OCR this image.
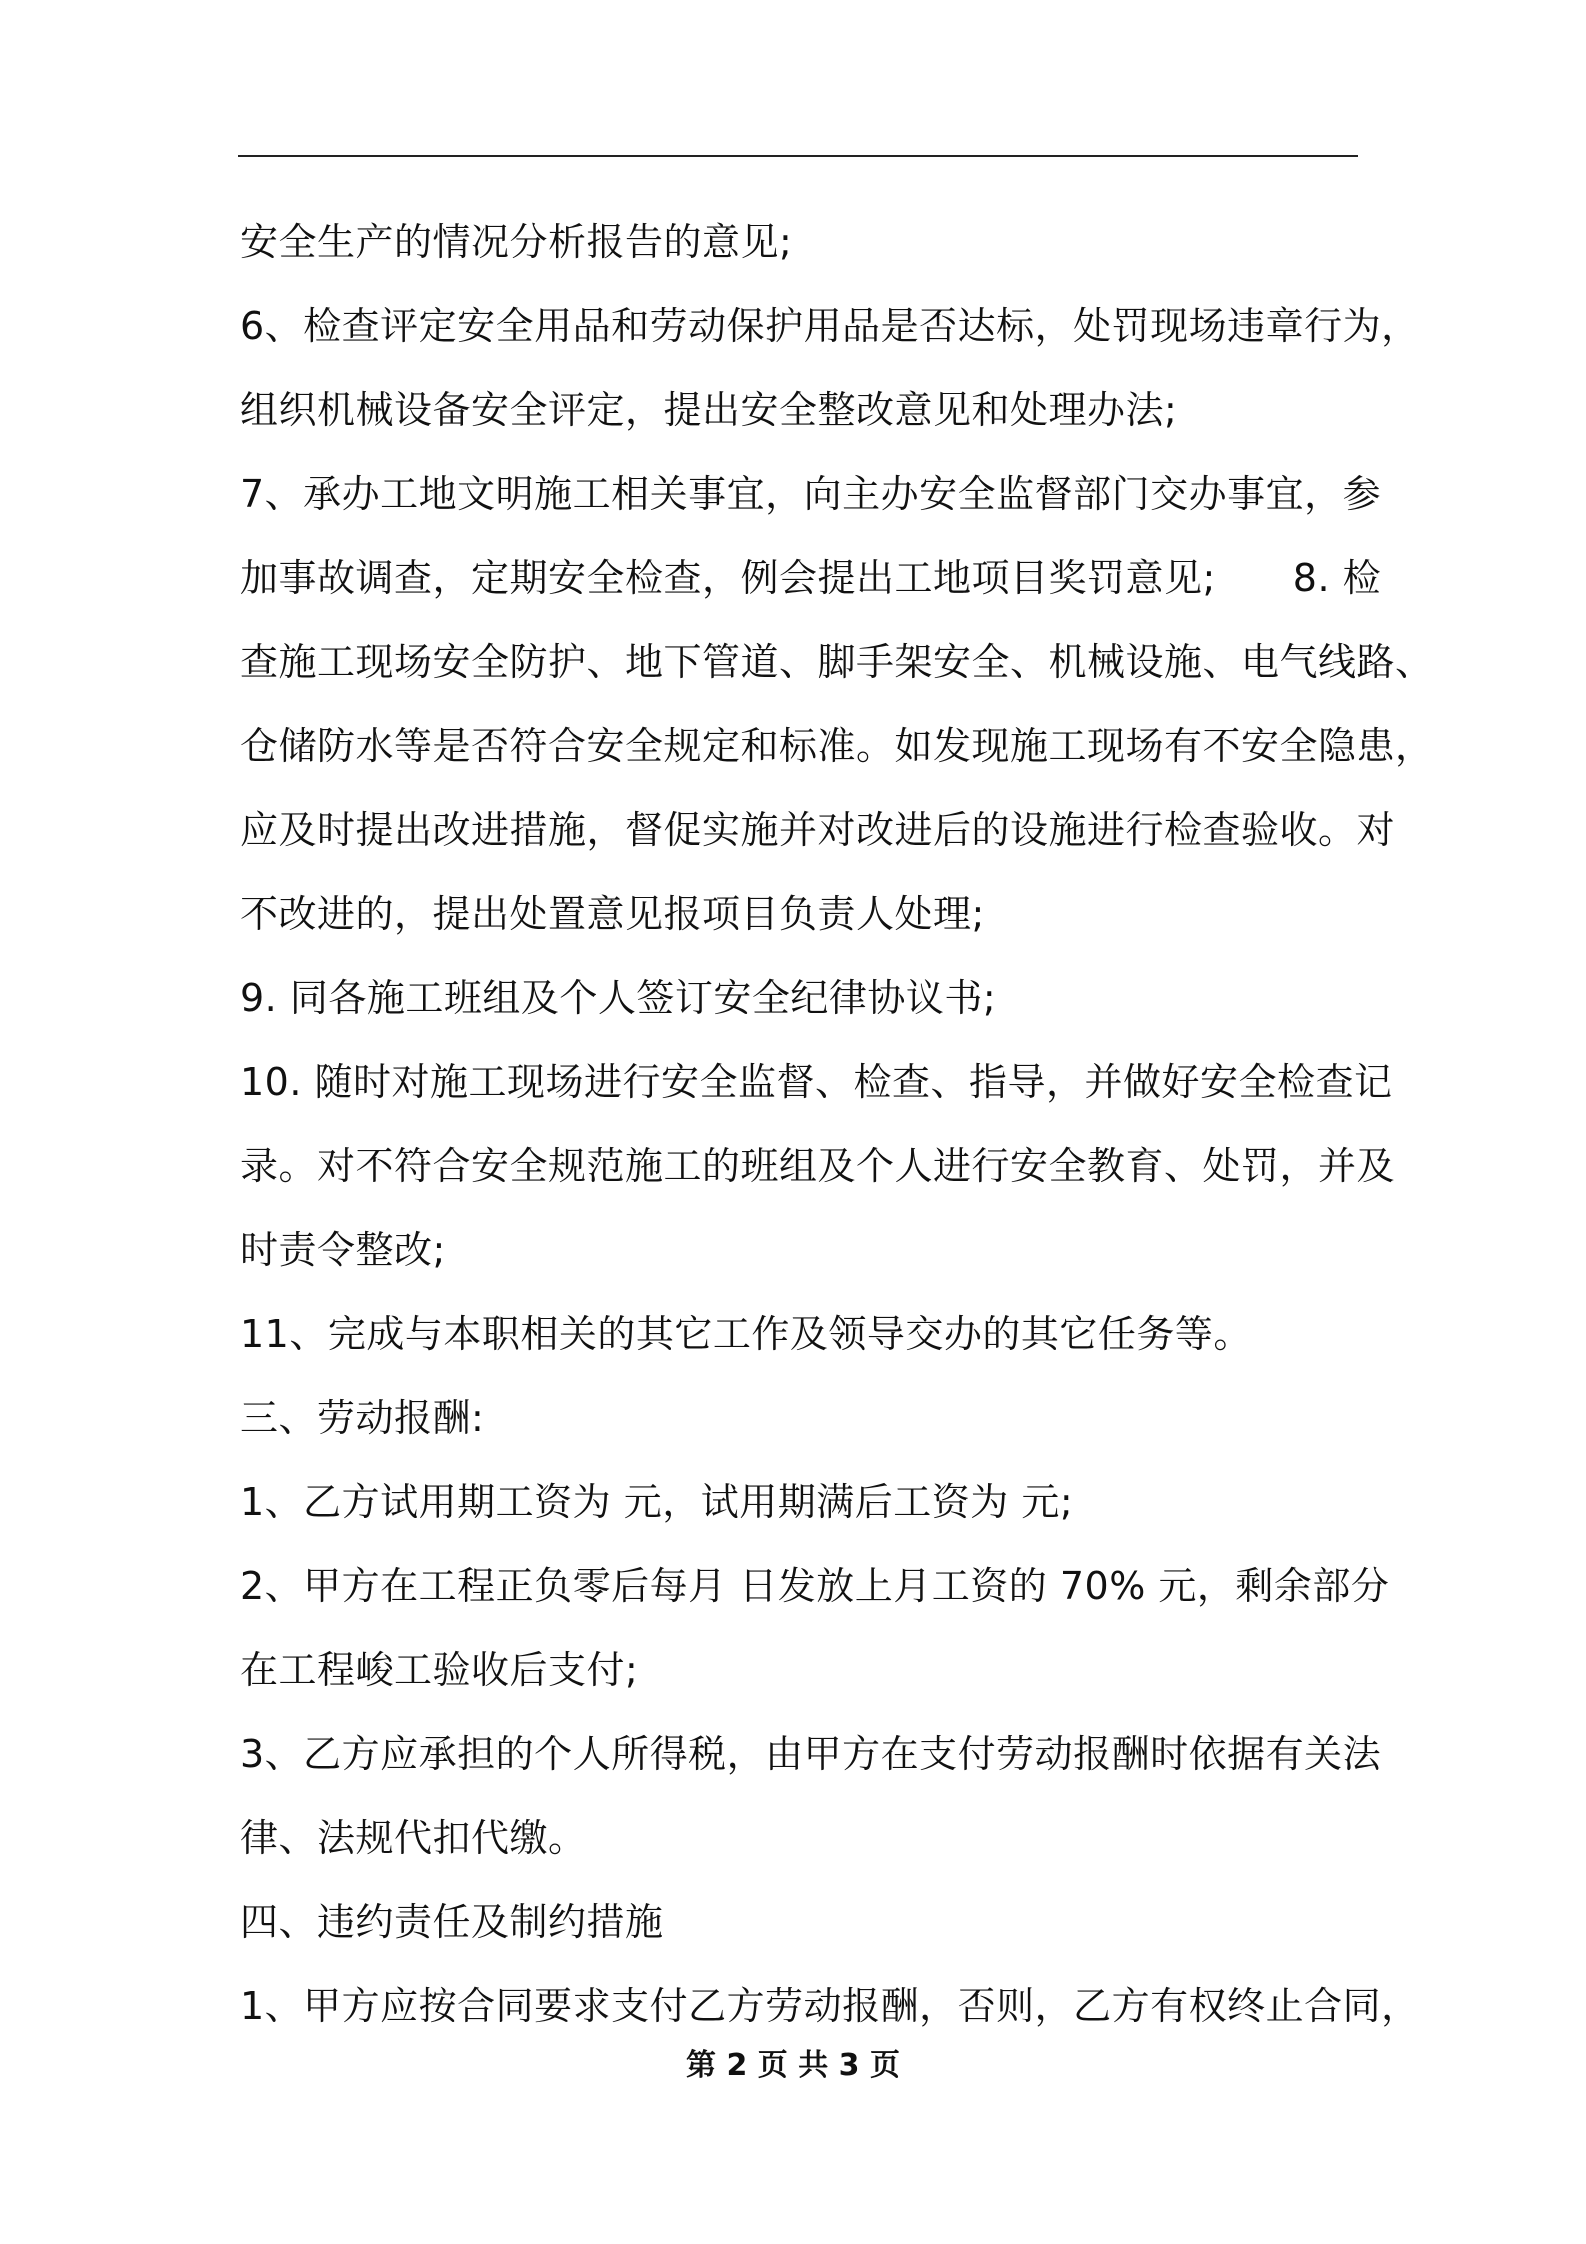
安全生产的情况分析报告的意见;
6、检查评定安全用品和劳动保护用品是否达标，处罚现场违章行为，
组织机械设备安全评定，提出安全整改意见和处理办法;
7、承办工地文明施工相关事宜，向主办安全监督部门交办事宜，参
加事故调查，定期安全检查，例会提出工地项目奖罚意见;　　8. 检
查施工现场安全防护、地下管道、脚手架安全、机械设施、电气线路、
仓储防水等是否符合安全规定和标准。如发现施工现场有不安全隐患，
应及时提出改进措施，督促实施并对改进后的设施进行检查验收。对
不改进的，提出处置意见报项目负责人处理;
9. 同各施工班组及个人签订安全纪律协议书;
10. 随时对施工现场进行安全监督、检查、指导，并做好安全检查记
录。对不符合安全规范施工的班组及个人进行安全教育、处罚，并及
时责令整改;
11、完成与本职相关的其它工作及领导交办的其它任务等。
三、劳动报酬:
1、乙方试用期工资为 元，试用期满后工资为 元;
2、甲方在工程正负零后每月 日发放上月工资的 70% 元，剩余部分
在工程峻工验收后支付;
3、乙方应承担的个人所得税，由甲方在支付劳动报酬时依据有关法
律、法规代扣代缴。
四、违约责任及制约措施
1、甲方应按合同要求支付乙方劳动报酬，否则，乙方有权终止合同，
第 2 页 共 3 页
